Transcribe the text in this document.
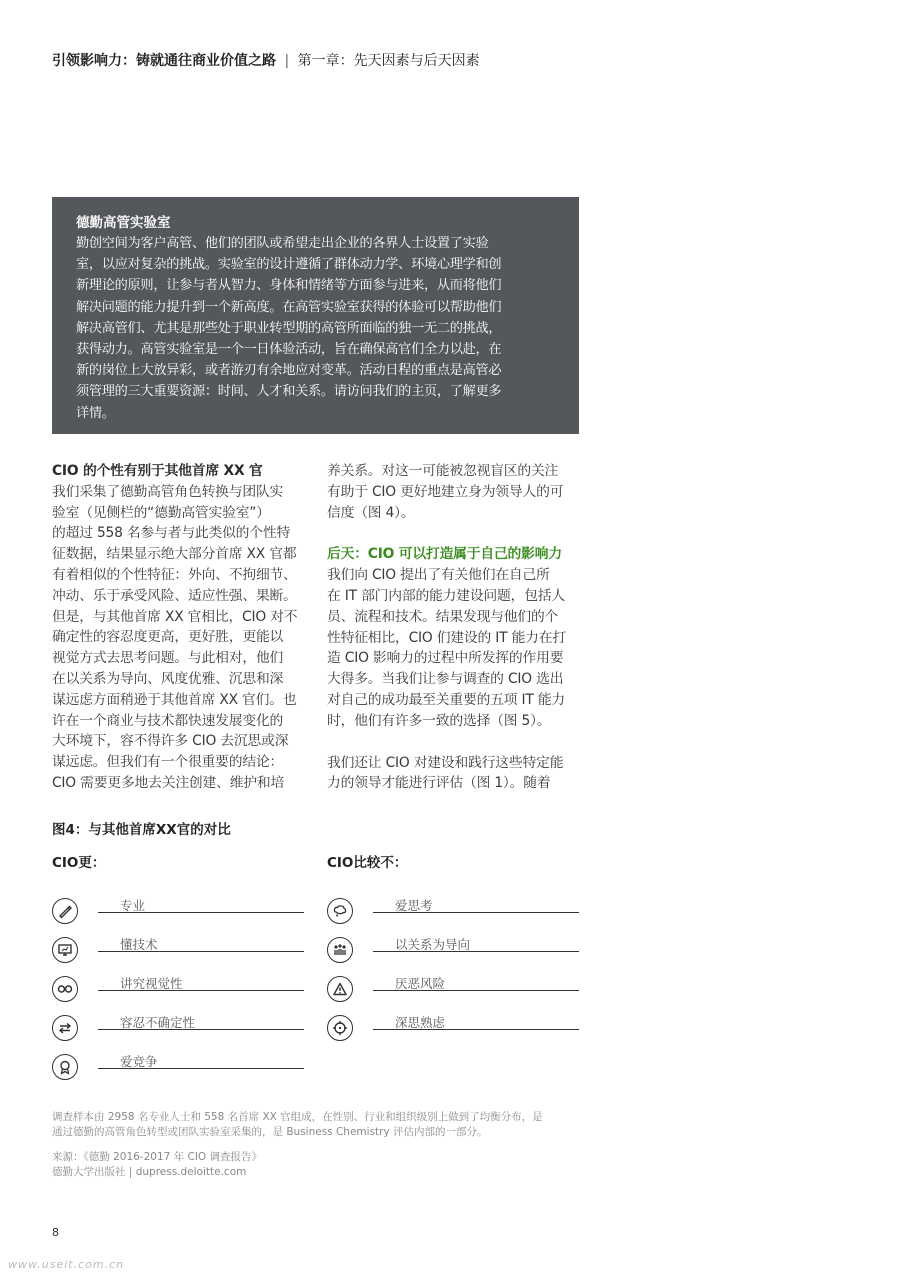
引领影响力：铸就通往商业价值之路 | 第一章：先天因素与后天因素

德勤高管实验室

勤创空间为客户高管、他们的团队或希望走出企业的各界人士设置了实验
室，以应对复杂的挑战。实验室的设计遵循了群体动力学、环境心理学和创
新理论的原则，让参与者从智力、身体和情绪等方面参与进来，从而将他们
解决问题的能力提升到一个新高度。在高管实验室获得的体验可以帮助他们
解决高管们、尤其是那些处于职业转型期的高管所面临的独一无二的挑战，
获得动力。高管实验室是一个一日体验活动，旨在确保高官们全力以赴，在
新的岗位上大放异彩，或者游刃有余地应对变革。活动日程的重点是高管必
须管理的三大重要资源：时间、人才和关系。请访问我们的主页，了解更多
详情。

CIO 的个性有别于其他首席 XX 官

我们采集了德勤高管角色转换与团队实
验室（见侧栏的“德勤高管实验室”）
的超过 558 名参与者与此类似的个性特
征数据，结果显示绝大部分首席 XX 官都
有着相似的个性特征：外向、不拘细节、
冲动、乐于承受风险、适应性强、果断。
但是，与其他首席 XX 官相比，CIO 对不
确定性的容忍度更高，更好胜，更能以
视觉方式去思考问题。与此相对，他们
在以关系为导向、风度优雅、沉思和深
谋远虑方面稍逊于其他首席 XX 官们。也
许在一个商业与技术都快速发展变化的
大环境下，容不得许多 CIO 去沉思或深
谋远虑。但我们有一个很重要的结论：
CIO 需要更多地去关注创建、维护和培

养关系。对这一可能被忽视盲区的关注
有助于 CIO 更好地建立身为领导人的可
信度（图 4）。

后天：CIO 可以打造属于自己的影响力

我们向 CIO 提出了有关他们在自己所
在 IT 部门内部的能力建设问题，包括人
员、流程和技术。结果发现与他们的个
性特征相比，CIO 们建设的 IT 能力在打
造 CIO 影响力的过程中所发挥的作用要
大得多。当我们让参与调查的 CIO 选出
对自己的成功最至关重要的五项 IT 能力
时，他们有许多一致的选择（图 5）。

我们还让 CIO 对建设和践行这些特定能
力的领导才能进行评估（图 1）。随着

图4：与其他首席XX官的对比
CIO更：	CIO比较不：
专业
懂技术
讲究视觉性
容忍不确定性
爱竞争
爱思考
以关系为导向
厌恶风险
深思熟虑
调查样本由 2958 名专业人士和 558 名首席 XX 官组成，在性别、行业和组织级别上做到了均衡分布，是
通过德勤的高管角色转型或团队实验室采集的，是 Business Chemistry 评估内部的一部分。
来源：《德勤 2016-2017 年 CIO 调查报告》
德勤大学出版社 | dupress.deloitte.com
8
www.useit.com.cn
